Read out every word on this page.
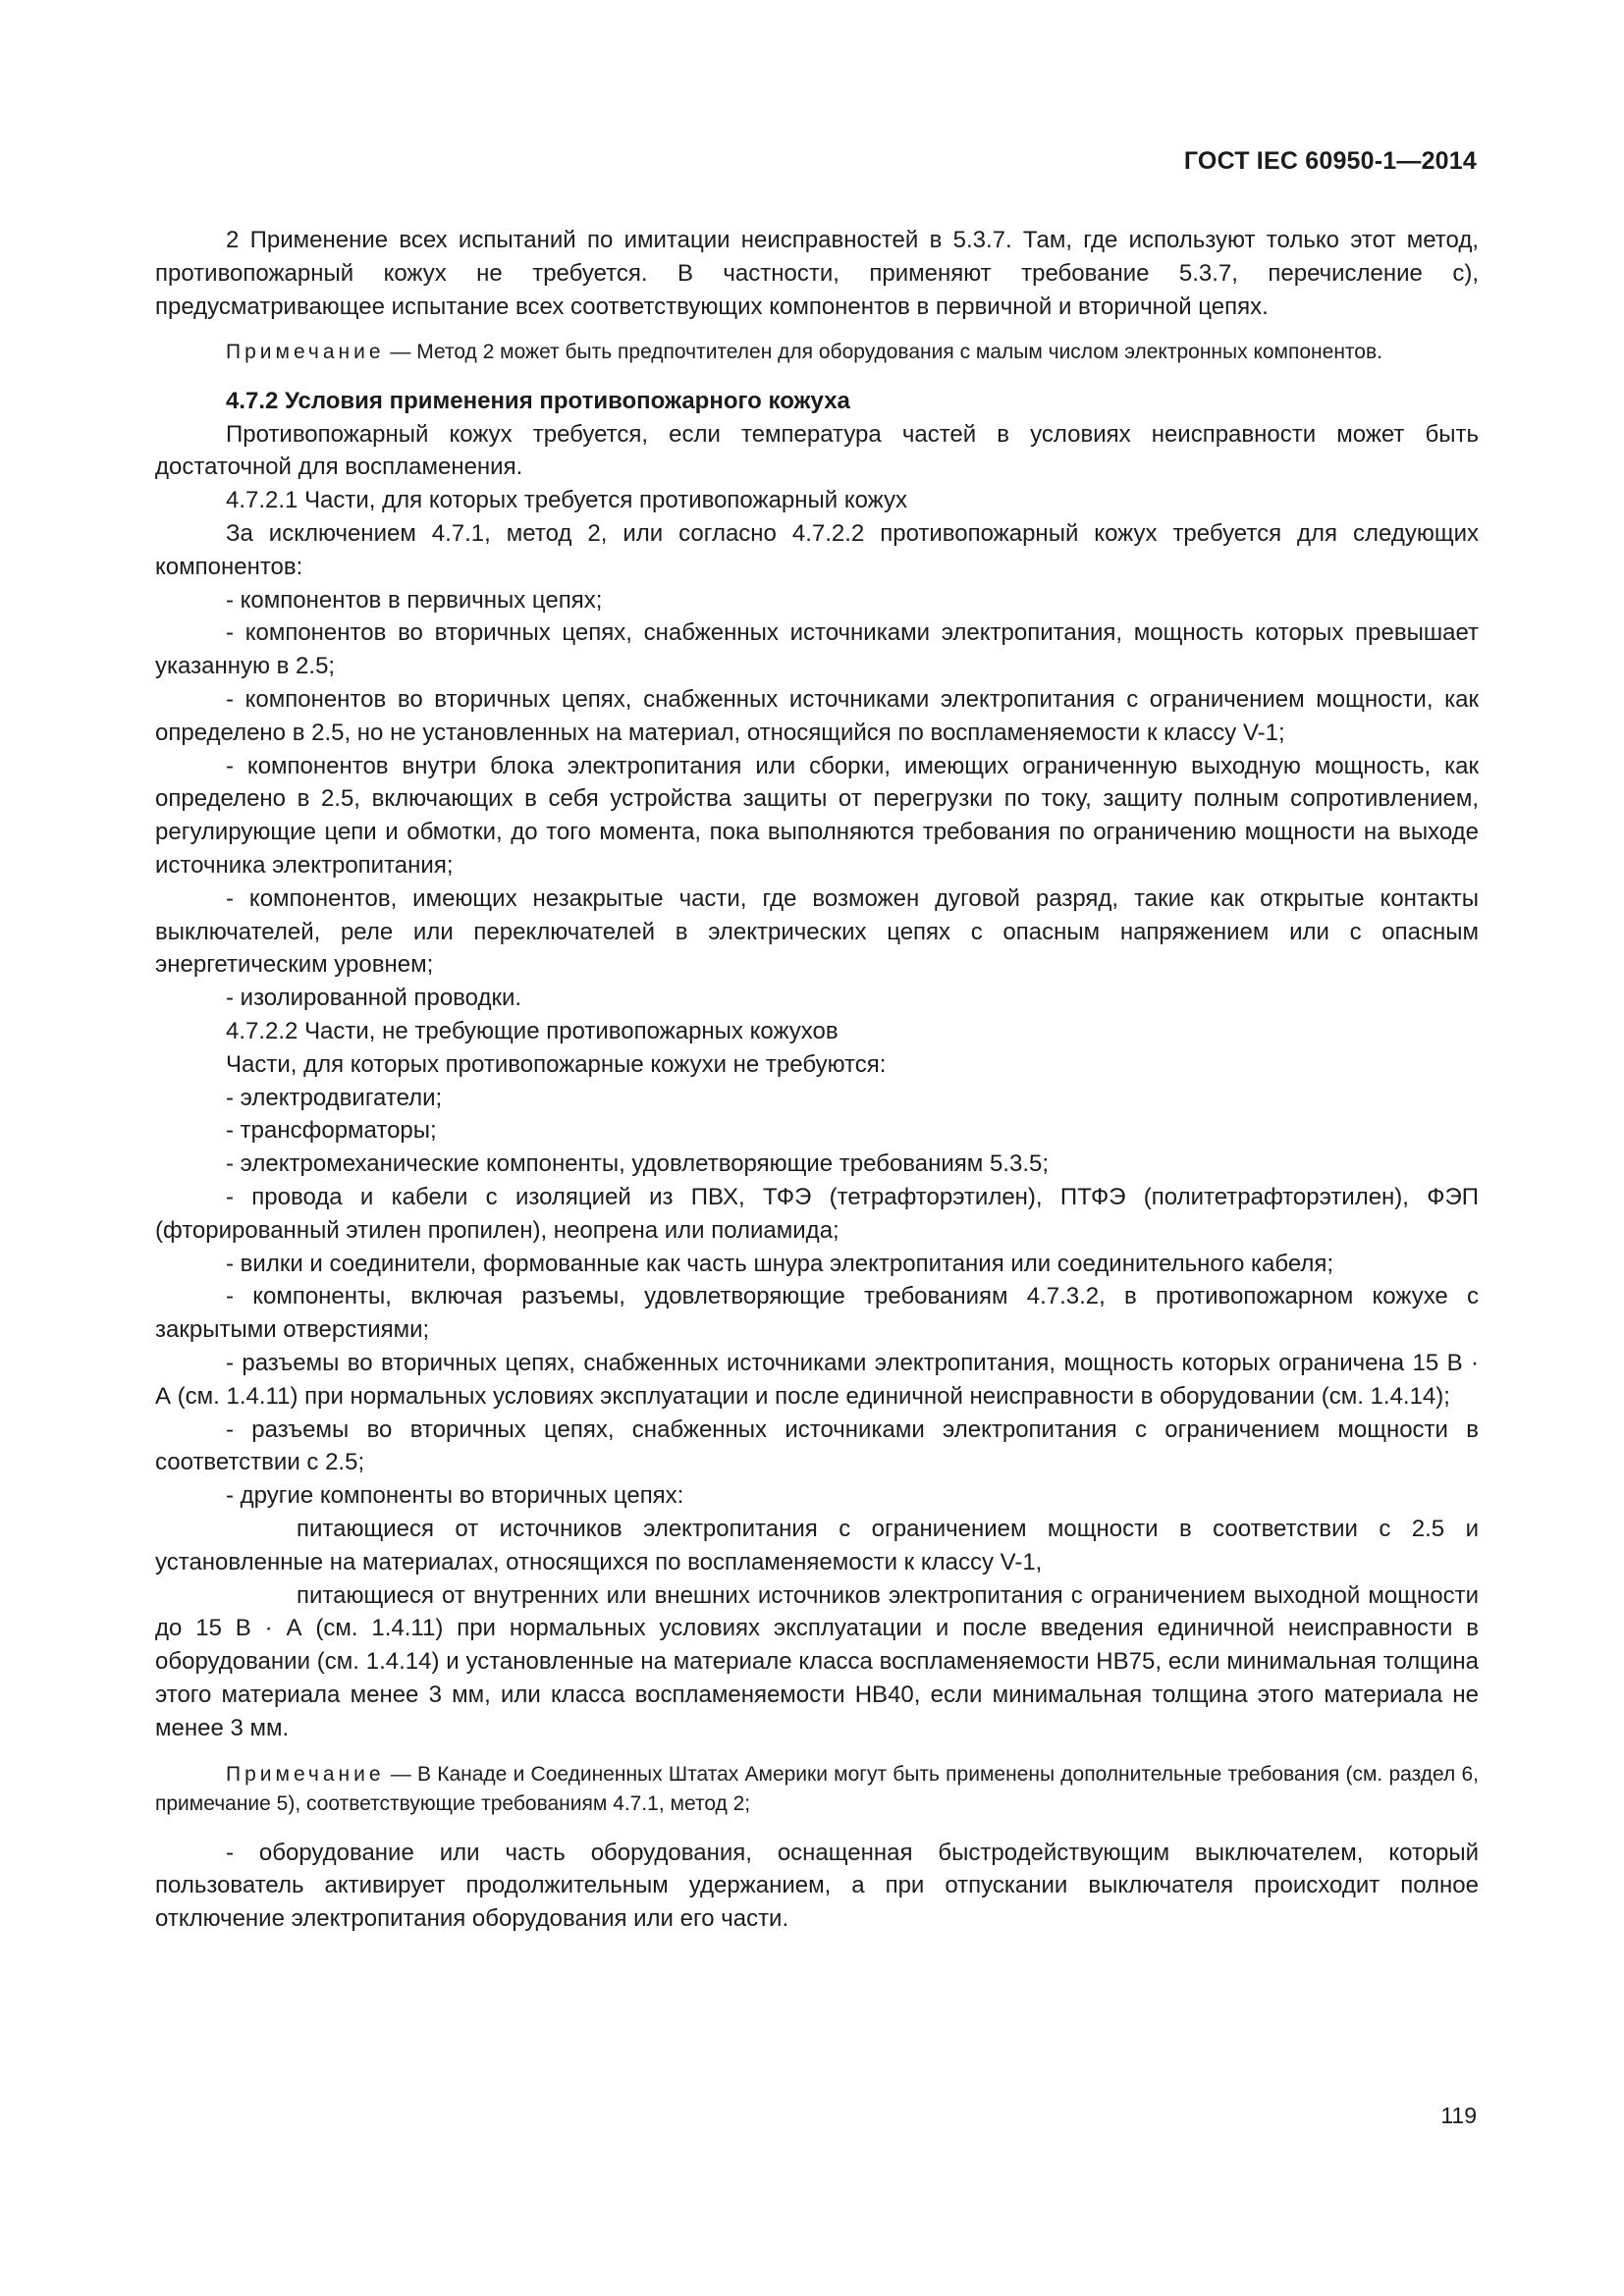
ГОСТ IEC 60950-1—2014

2 Применение всех испытаний по имитации неисправностей в 5.3.7. Там, где используют только этот метод, противопожарный кожух не требуется. В частности, применяют требование 5.3.7, перечисление с), предусматривающее испытание всех соответствующих компонентов в первичной и вторичной цепях.

Примечание — Метод 2 может быть предпочтителен для оборудования с малым числом электронных компонентов.

4.7.2 Условия применения противопожарного кожуха

Противопожарный кожух требуется, если температура частей в условиях неисправности может быть достаточной для воспламенения.

4.7.2.1 Части, для которых требуется противопожарный кожух

За исключением 4.7.1, метод 2, или согласно 4.7.2.2 противопожарный кожух требуется для следующих компонентов:

- компонентов в первичных цепях;

- компонентов во вторичных цепях, снабженных источниками электропитания, мощность которых превышает указанную в 2.5;

- компонентов во вторичных цепях, снабженных источниками электропитания с ограничением мощности, как определено в 2.5, но не установленных на материал, относящийся по воспламеняемости к классу V-1;

- компонентов внутри блока электропитания или сборки, имеющих ограниченную выходную мощность, как определено в 2.5, включающих в себя устройства защиты от перегрузки по току, защиту полным сопротивлением, регулирующие цепи и обмотки, до того момента, пока выполняются требования по ограничению мощности на выходе источника электропитания;

- компонентов, имеющих незакрытые части, где возможен дуговой разряд, такие как открытые контакты выключателей, реле или переключателей в электрических цепях с опасным напряжением или с опасным энергетическим уровнем;

- изолированной проводки.

4.7.2.2 Части, не требующие противопожарных кожухов

Части, для которых противопожарные кожухи не требуются:

- электродвигатели;

- трансформаторы;

- электромеханические компоненты, удовлетворяющие требованиям 5.3.5;

- провода и кабели с изоляцией из ПВХ, ТФЭ (тетрафторэтилен), ПТФЭ (политетрафторэтилен), ФЭП (фторированный этилен пропилен), неопрена или полиамида;

- вилки и соединители, формованные как часть шнура электропитания или соединительного кабеля;

- компоненты, включая разъемы, удовлетворяющие требованиям 4.7.3.2, в противопожарном кожухе с закрытыми отверстиями;

- разъемы во вторичных цепях, снабженных источниками электропитания, мощность которых ограничена 15 В · А (см. 1.4.11) при нормальных условиях эксплуатации и после единичной неисправности в оборудовании (см. 1.4.14);

- разъемы во вторичных цепях, снабженных источниками электропитания с ограничением мощности в соответствии с 2.5;

- другие компоненты во вторичных цепях:

питающиеся от источников электропитания с ограничением мощности в соответствии с 2.5 и установленные на материалах, относящихся по воспламеняемости к классу V-1,

питающиеся от внутренних или внешних источников электропитания с ограничением выходной мощности до 15 В · А (см. 1.4.11) при нормальных условиях эксплуатации и после введения единичной неисправности в оборудовании (см. 1.4.14) и установленные на материале класса воспламеняемости НВ75, если минимальная толщина этого материала менее 3 мм, или класса воспламеняемости НВ40, если минимальная толщина этого материала не менее 3 мм.

Примечание — В Канаде и Соединенных Штатах Америки могут быть применены дополнительные требования (см. раздел 6, примечание 5), соответствующие требованиям 4.7.1, метод 2;

- оборудование или часть оборудования, оснащенная быстродействующим выключателем, который пользователь активирует продолжительным удержанием, а при отпускании выключателя происходит полное отключение электропитания оборудования или его части.

119
